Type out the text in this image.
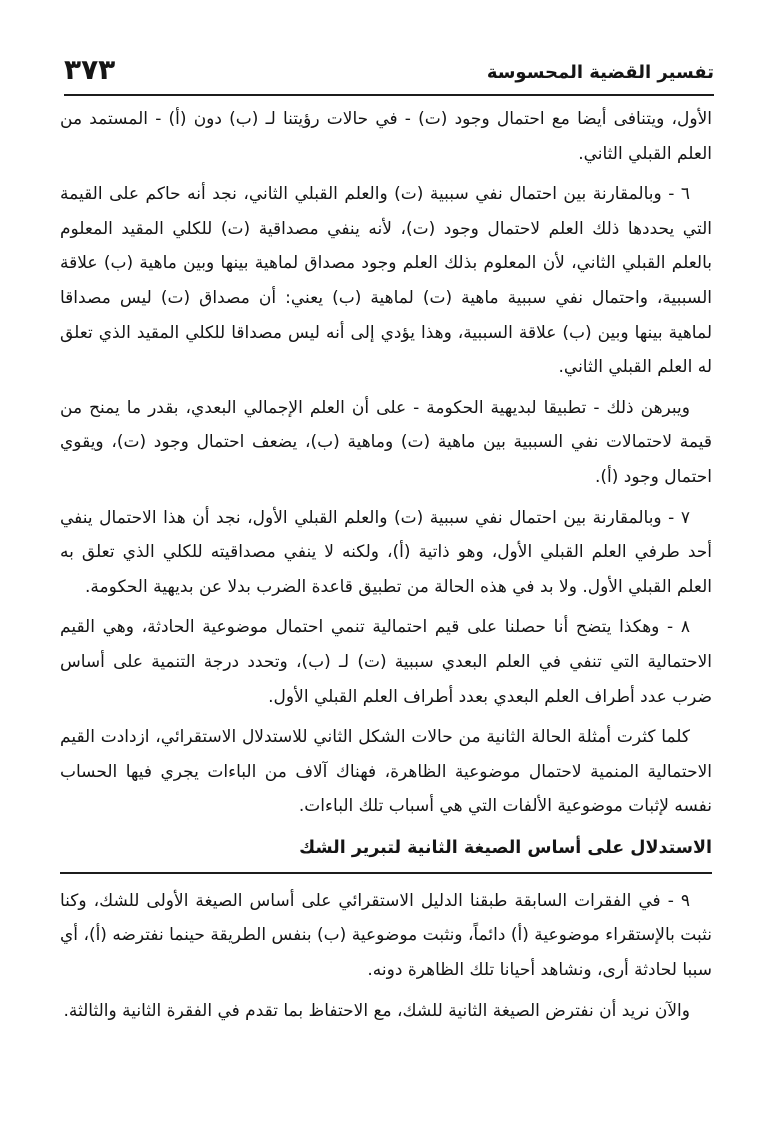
٣٧٣	تفسير القضية المحسوسة

الأول، ويتنافى أيضا مع احتمال وجود (ت) - في حالات رؤيتنا لـ (ب) دون (أ) - المستمد من العلم القبلي الثاني.

٦ - وبالمقارنة بين احتمال نفي سببية (ت) والعلم القبلي الثاني، نجد أنه حاكم على القيمة التي يحددها ذلك العلم لاحتمال وجود (ت)، لأنه ينفي مصداقية (ت) للكلي المقيد المعلوم بالعلم القبلي الثاني، لأن المعلوم بذلك العلم وجود مصداق لماهية بينها وبين ماهية (ب) علاقة السببية، واحتمال نفي سببية ماهية (ت) لماهية (ب) يعني: أن مصداق (ت) ليس مصداقا لماهية بينها وبين (ب) علاقة السببية، وهذا يؤدي إلى أنه ليس مصداقا للكلي المقيد الذي تعلق له العلم القبلي الثاني.

ويبرهن ذلك - تطبيقا لبديهية الحكومة - على أن العلم الإجمالي البعدي، بقدر ما يمنح من قيمة لاحتمالات نفي السببية بين ماهية (ت) وماهية (ب)، يضعف احتمال وجود (ت)، ويقوي احتمال وجود (أ).

٧ - وبالمقارنة بين احتمال نفي سببية (ت) والعلم القبلي الأول، نجد أن هذا الاحتمال ينفي أحد طرفي العلم القبلي الأول، وهو ذاتية (أ)، ولكنه لا ينفي مصداقيته للكلي الذي تعلق به العلم القبلي الأول. ولا بد في هذه الحالة من تطبيق قاعدة الضرب بدلا عن بديهية الحكومة.

٨ - وهكذا يتضح أنا حصلنا على قيم احتمالية تنمي احتمال موضوعية الحادثة، وهي القيم الاحتمالية التي تنفي في العلم البعدي سببية (ت) لـ (ب)، وتحدد درجة التنمية على أساس ضرب عدد أطراف العلم البعدي بعدد أطراف العلم القبلي الأول.

كلما كثرت أمثلة الحالة الثانية من حالات الشكل الثاني للاستدلال الاستقرائي، ازدادت القيم الاحتمالية المنمية لاحتمال موضوعية الظاهرة، فهناك آلاف من الباءات يجري فيها الحساب نفسه لإثبات موضوعية الألفات التي هي أسباب تلك الباءات.

الاستدلال على أساس الصيغة الثانية لتبرير الشك

٩ - في الفقرات السابقة طبقنا الدليل الاستقرائي على أساس الصيغة الأولى للشك، وكنا نثبت بالإستقراء موضوعية (أ) دائماً، ونثبت موضوعية (ب) بنفس الطريقة حينما نفترضه (أ)، أي سببا لحادثة أرى، ونشاهد أحيانا تلك الظاهرة دونه.

والآن نريد أن نفترض الصيغة الثانية للشك، مع الاحتفاظ بما تقدم في الفقرة الثانية والثالثة.
